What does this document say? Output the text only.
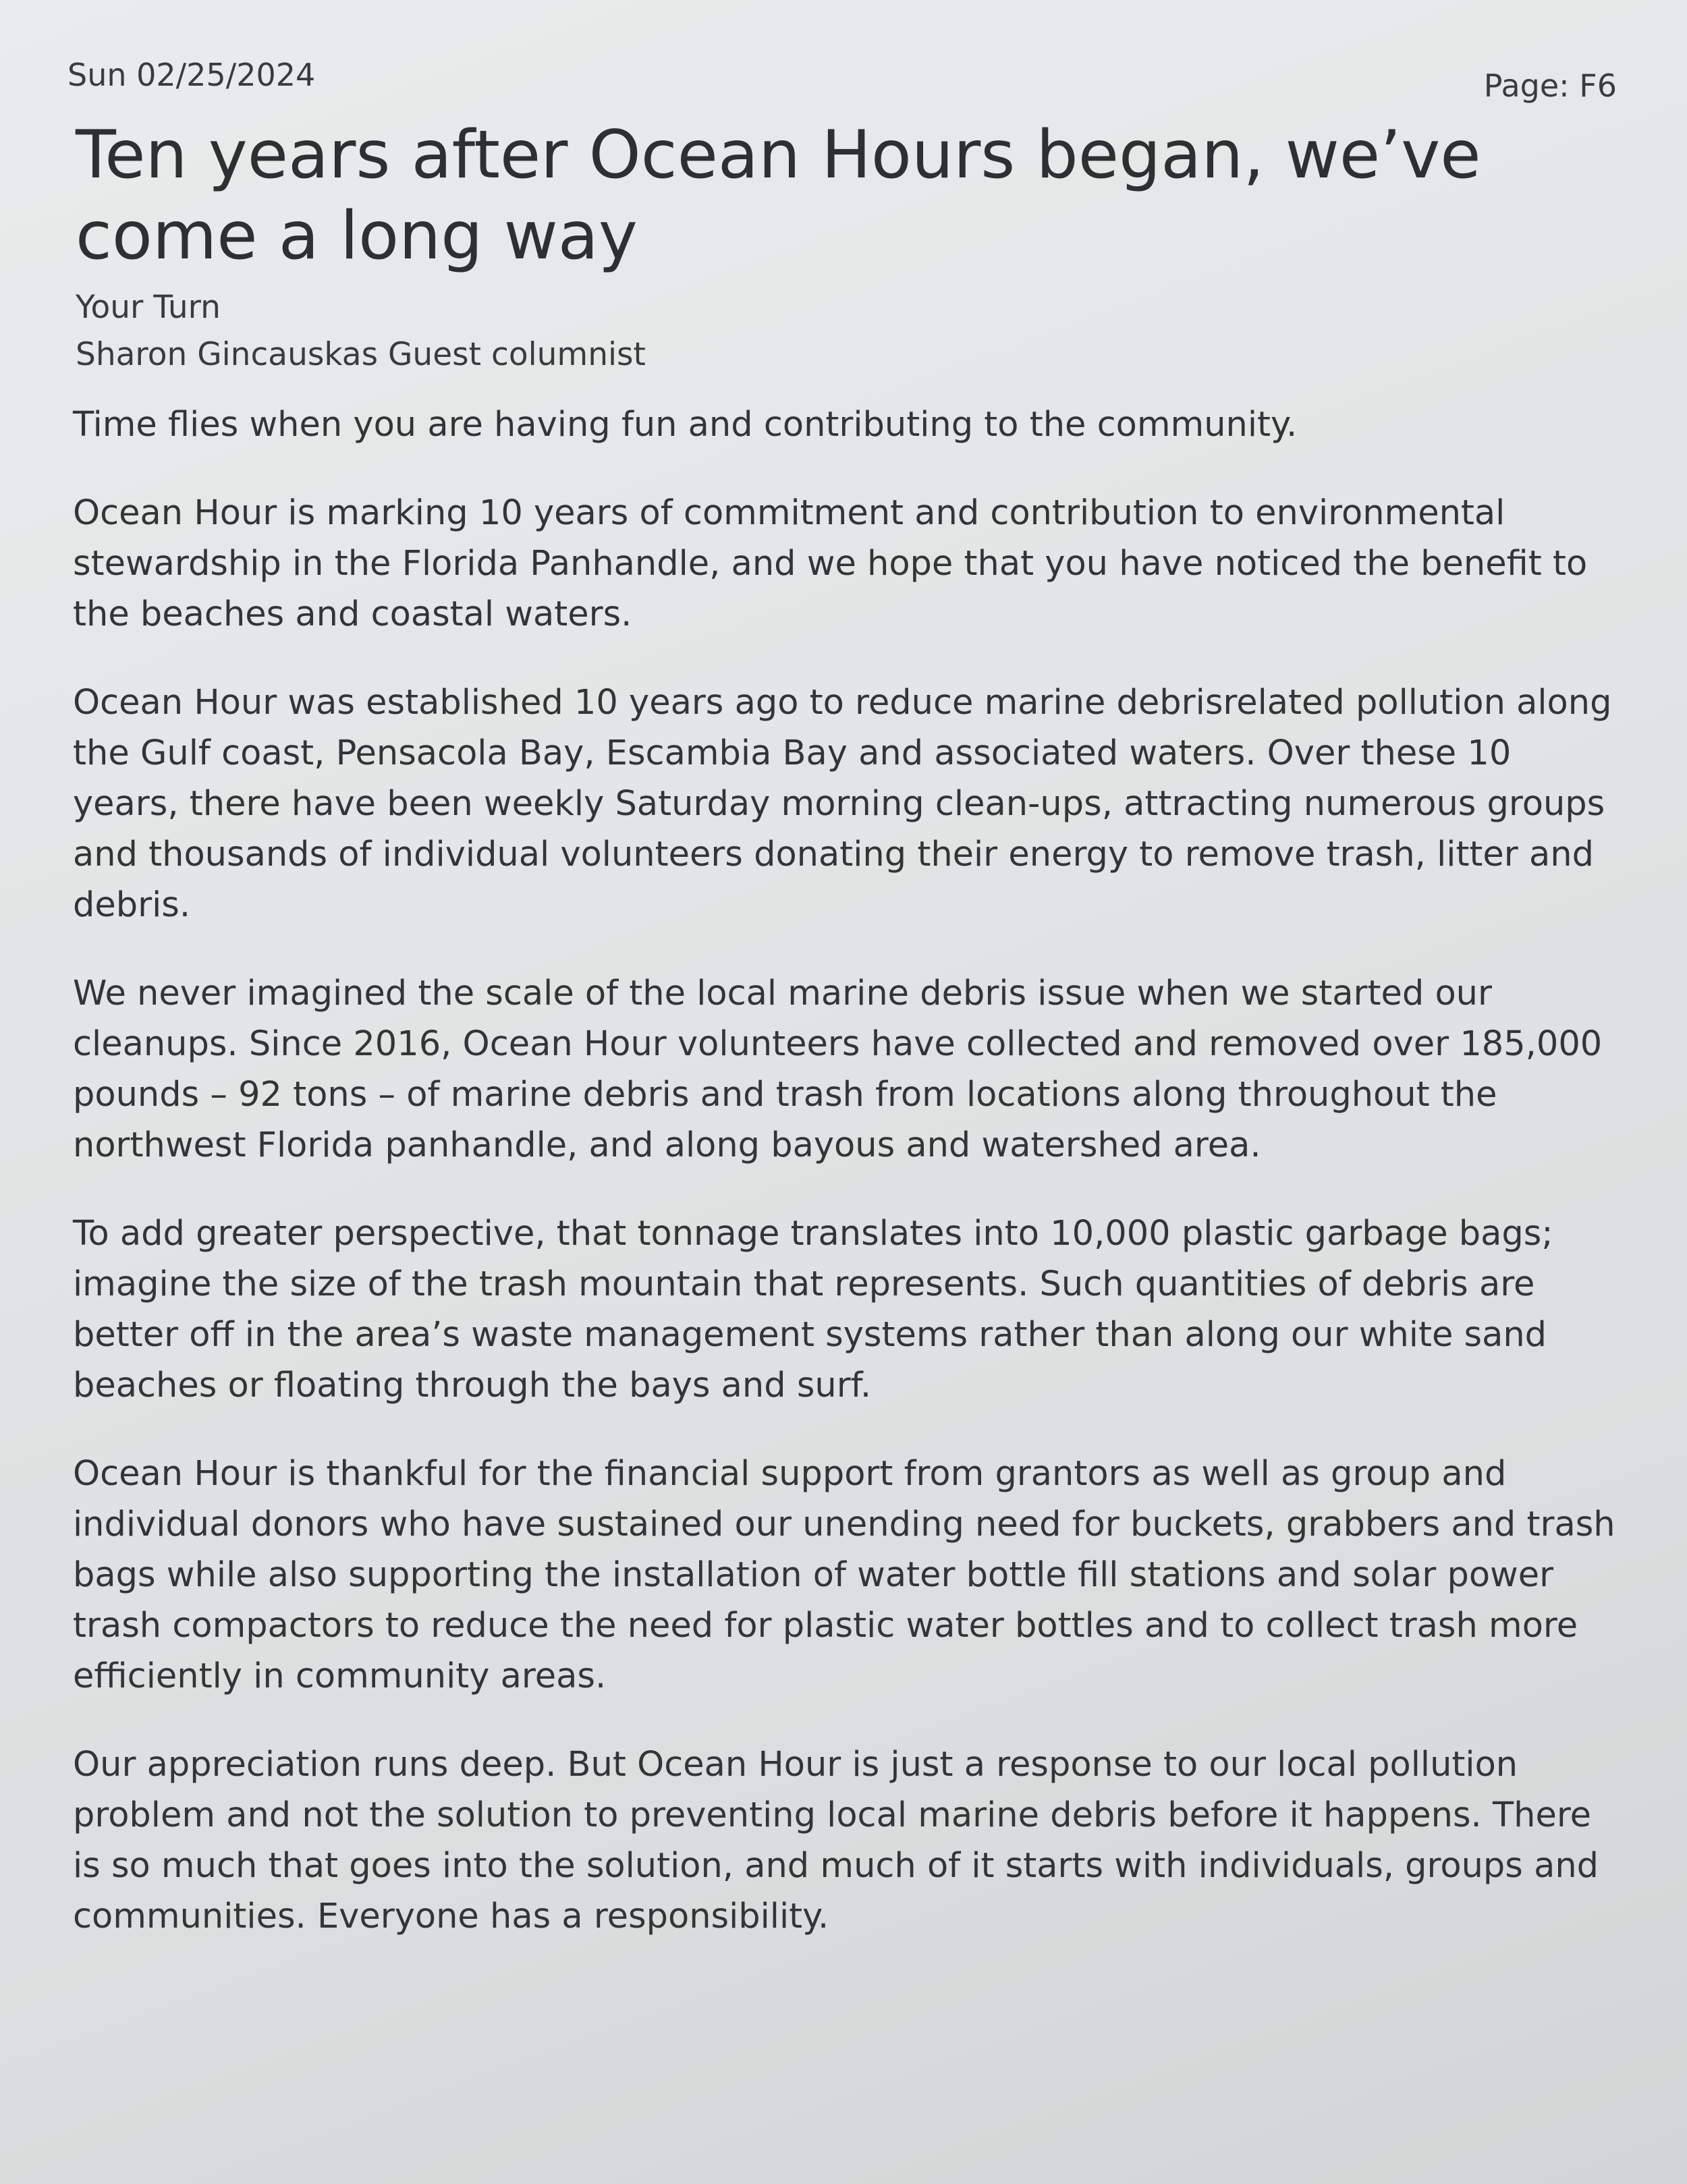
Sun 02/25/2024	Page: F6
Ten years after Ocean Hours began, we’ve come a long way
Your Turn
Sharon Gincauskas Guest columnist

Time flies when you are having fun and contributing to the community.

Ocean Hour is marking 10 years of commitment and contribution to environmental stewardship in the Florida Panhandle, and we hope that you have noticed the benefit to the beaches and coastal waters.

Ocean Hour was established 10 years ago to reduce marine debrisrelated pollution along the Gulf coast, Pensacola Bay, Escambia Bay and associated waters. Over these 10 years, there have been weekly Saturday morning clean-ups, attracting numerous groups and thousands of individual volunteers donating their energy to remove trash, litter and debris.

We never imagined the scale of the local marine debris issue when we started our cleanups. Since 2016, Ocean Hour volunteers have collected and removed over 185,000 pounds – 92 tons – of marine debris and trash from locations along throughout the northwest Florida panhandle, and along bayous and watershed area.

To add greater perspective, that tonnage translates into 10,000 plastic garbage bags; imagine the size of the trash mountain that represents. Such quantities of debris are better off in the area’s waste management systems rather than along our white sand beaches or floating through the bays and surf.

Ocean Hour is thankful for the financial support from grantors as well as group and individual donors who have sustained our unending need for buckets, grabbers and trash bags while also supporting the installation of water bottle fill stations and solar power trash compactors to reduce the need for plastic water bottles and to collect trash more efficiently in community areas.

Our appreciation runs deep. But Ocean Hour is just a response to our local pollution problem and not the solution to preventing local marine debris before it happens. There is so much that goes into the solution, and much of it starts with individuals, groups and communities. Everyone has a responsibility.
